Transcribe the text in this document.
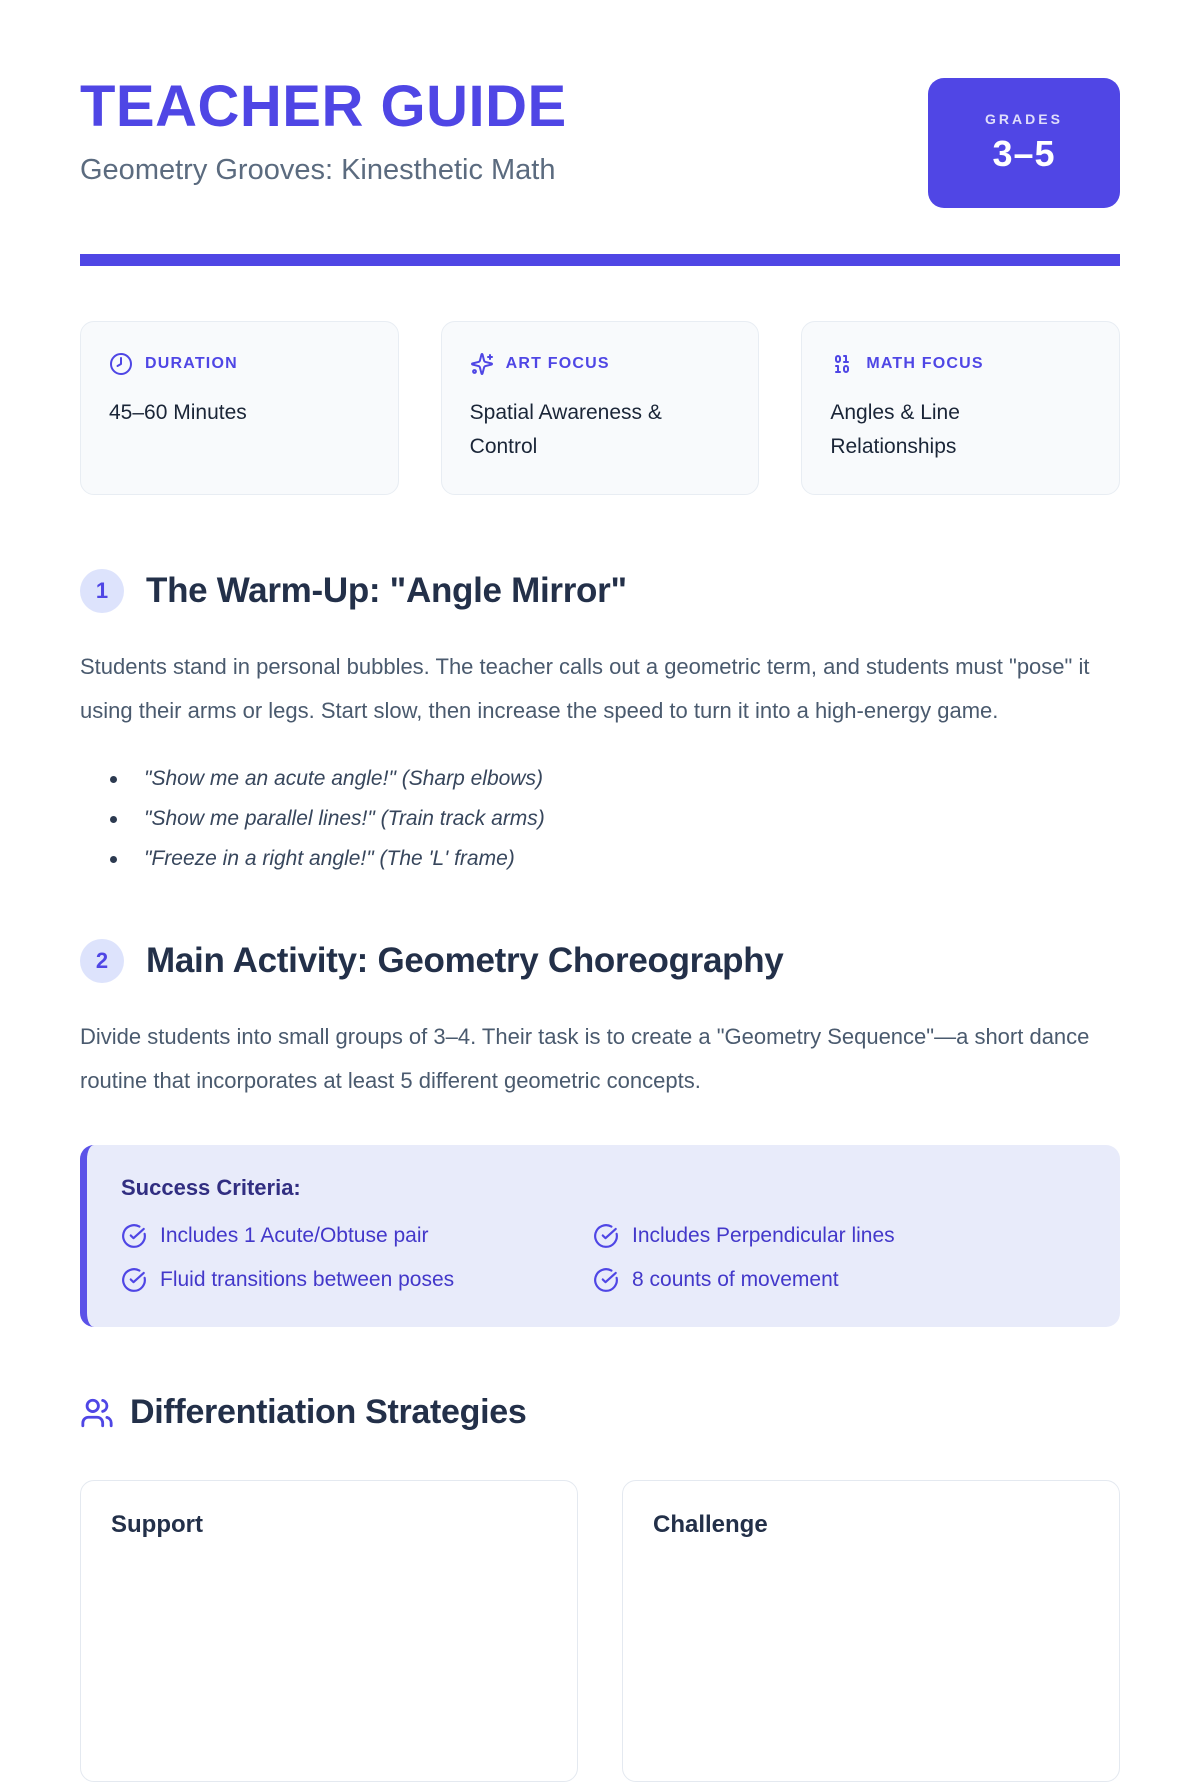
TEACHER GUIDE

Geometry Grooves: Kinesthetic Math

GRADES
3–5
DURATION
45–60 Minutes
ART FOCUS
Spatial Awareness & Control
MATH FOCUS
Angles & Line Relationships
1	The Warm-Up: "Angle Mirror"

Students stand in personal bubbles. The teacher calls out a geometric term, and students must "pose" it using their arms or legs. Start slow, then increase the speed to turn it into a high-energy game.

"Show me an acute angle!" (Sharp elbows)
"Show me parallel lines!" (Train track arms)
"Freeze in a right angle!" (The 'L' frame)
2	Main Activity: Geometry Choreography

Divide students into small groups of 3–4. Their task is to create a "Geometry Sequence"—a short dance routine that incorporates at least 5 different geometric concepts.

Success Criteria:
Includes 1 Acute/Obtuse pair	Includes Perpendicular lines
Fluid transitions between poses	8 counts of movement
Differentiation Strategies
Support	Challenge
